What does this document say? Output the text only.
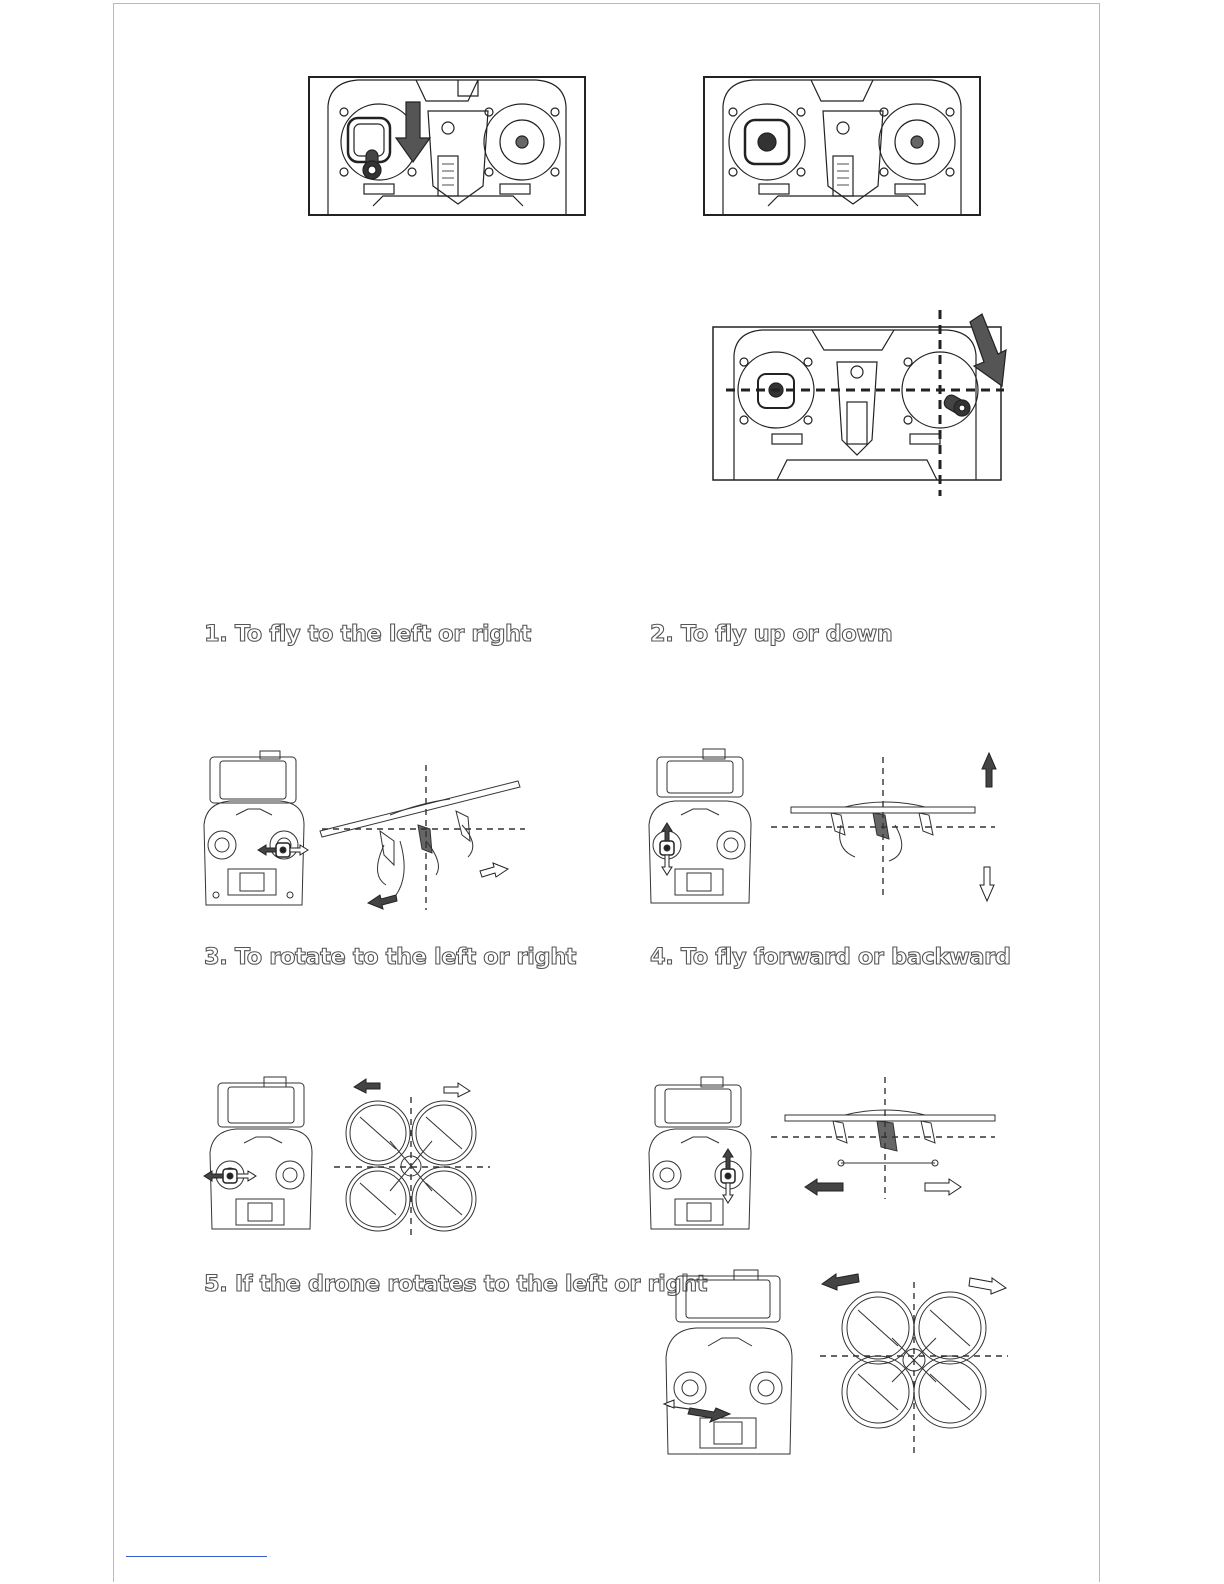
1. To fly to the left or right	2. To fly up or down
3. To rotate to the left or right	4. To fly forward or backward
5. If the drone rotates to the left or right
